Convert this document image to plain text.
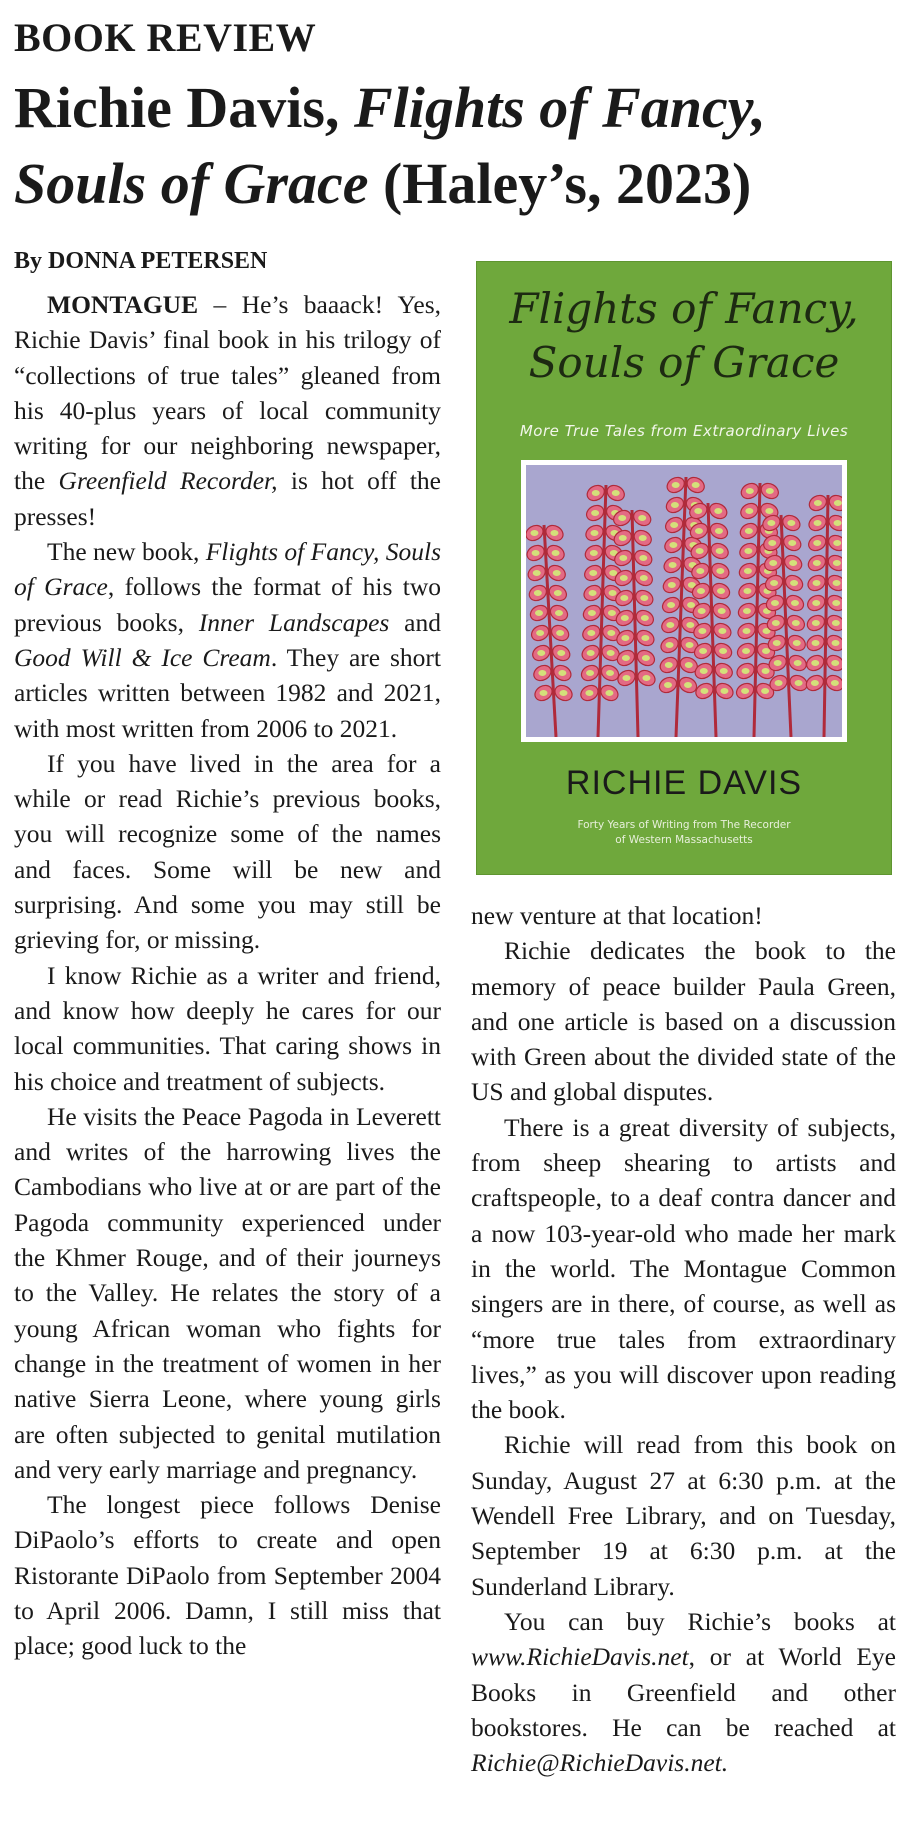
BOOK REVIEW
Richie Davis, Flights of Fancy,
Souls of Grace (Haley’s, 2023)
By DONNA PETERSEN

MONTAGUE – He’s baaack! Yes, Richie Davis’ final book in his trilogy of “collections of true tales” gleaned from his 40-plus years of local community writing for our neighboring newspaper, the Greenfield Recorder, is hot off the presses!

The new book, Flights of Fancy, Souls of Grace, follows the format of his two previous books, Inner Landscapes and Good Will & Ice Cream. They are short articles written between 1982 and 2021, with most written from 2006 to 2021.

If you have lived in the area for a while or read Richie’s previous books, you will recognize some of the names and faces. Some will be new and surprising. And some you may still be grieving for, or missing.

I know Richie as a writer and friend, and know how deeply he cares for our local communities. That caring shows in his choice and treatment of subjects.

He visits the Peace Pagoda in Leverett and writes of the harrowing lives the Cambodians who live at or are part of the Pagoda community experienced under the Khmer Rouge, and of their journeys to the Valley. He relates the story of a young African woman who fights for change in the treatment of women in her native Sierra Leone, where young girls are often subjected to genital mutilation and very early marriage and pregnancy.

The longest piece follows Denise DiPaolo’s efforts to create and open Ristorante DiPaolo from September 2004 to April 2006. Damn, I still miss that place; good luck to the

Flights of Fancy,
Souls of Grace
More True Tales from Extraordinary Lives
RICHIE DAVIS
Forty Years of Writing from The Recorder
of Western Massachusetts

new venture at that location!

Richie dedicates the book to the memory of peace builder Paula Green, and one article is based on a discussion with Green about the divided state of the US and global disputes.

There is a great diversity of subjects, from sheep shearing to artists and craftspeople, to a deaf contra dancer and a now 103-year-old who made her mark in the world. The Montague Common singers are in there, of course, as well as “more true tales from extraordinary lives,” as you will discover upon reading the book.

Richie will read from this book on Sunday, August 27 at 6:30 p.m. at the Wendell Free Library, and on Tuesday, September 19 at 6:30 p.m. at the Sunderland Library.

You can buy Richie’s books at www.RichieDavis.net, or at World Eye Books in Greenfield and other bookstores. He can be reached at Richie@RichieDavis.net.
